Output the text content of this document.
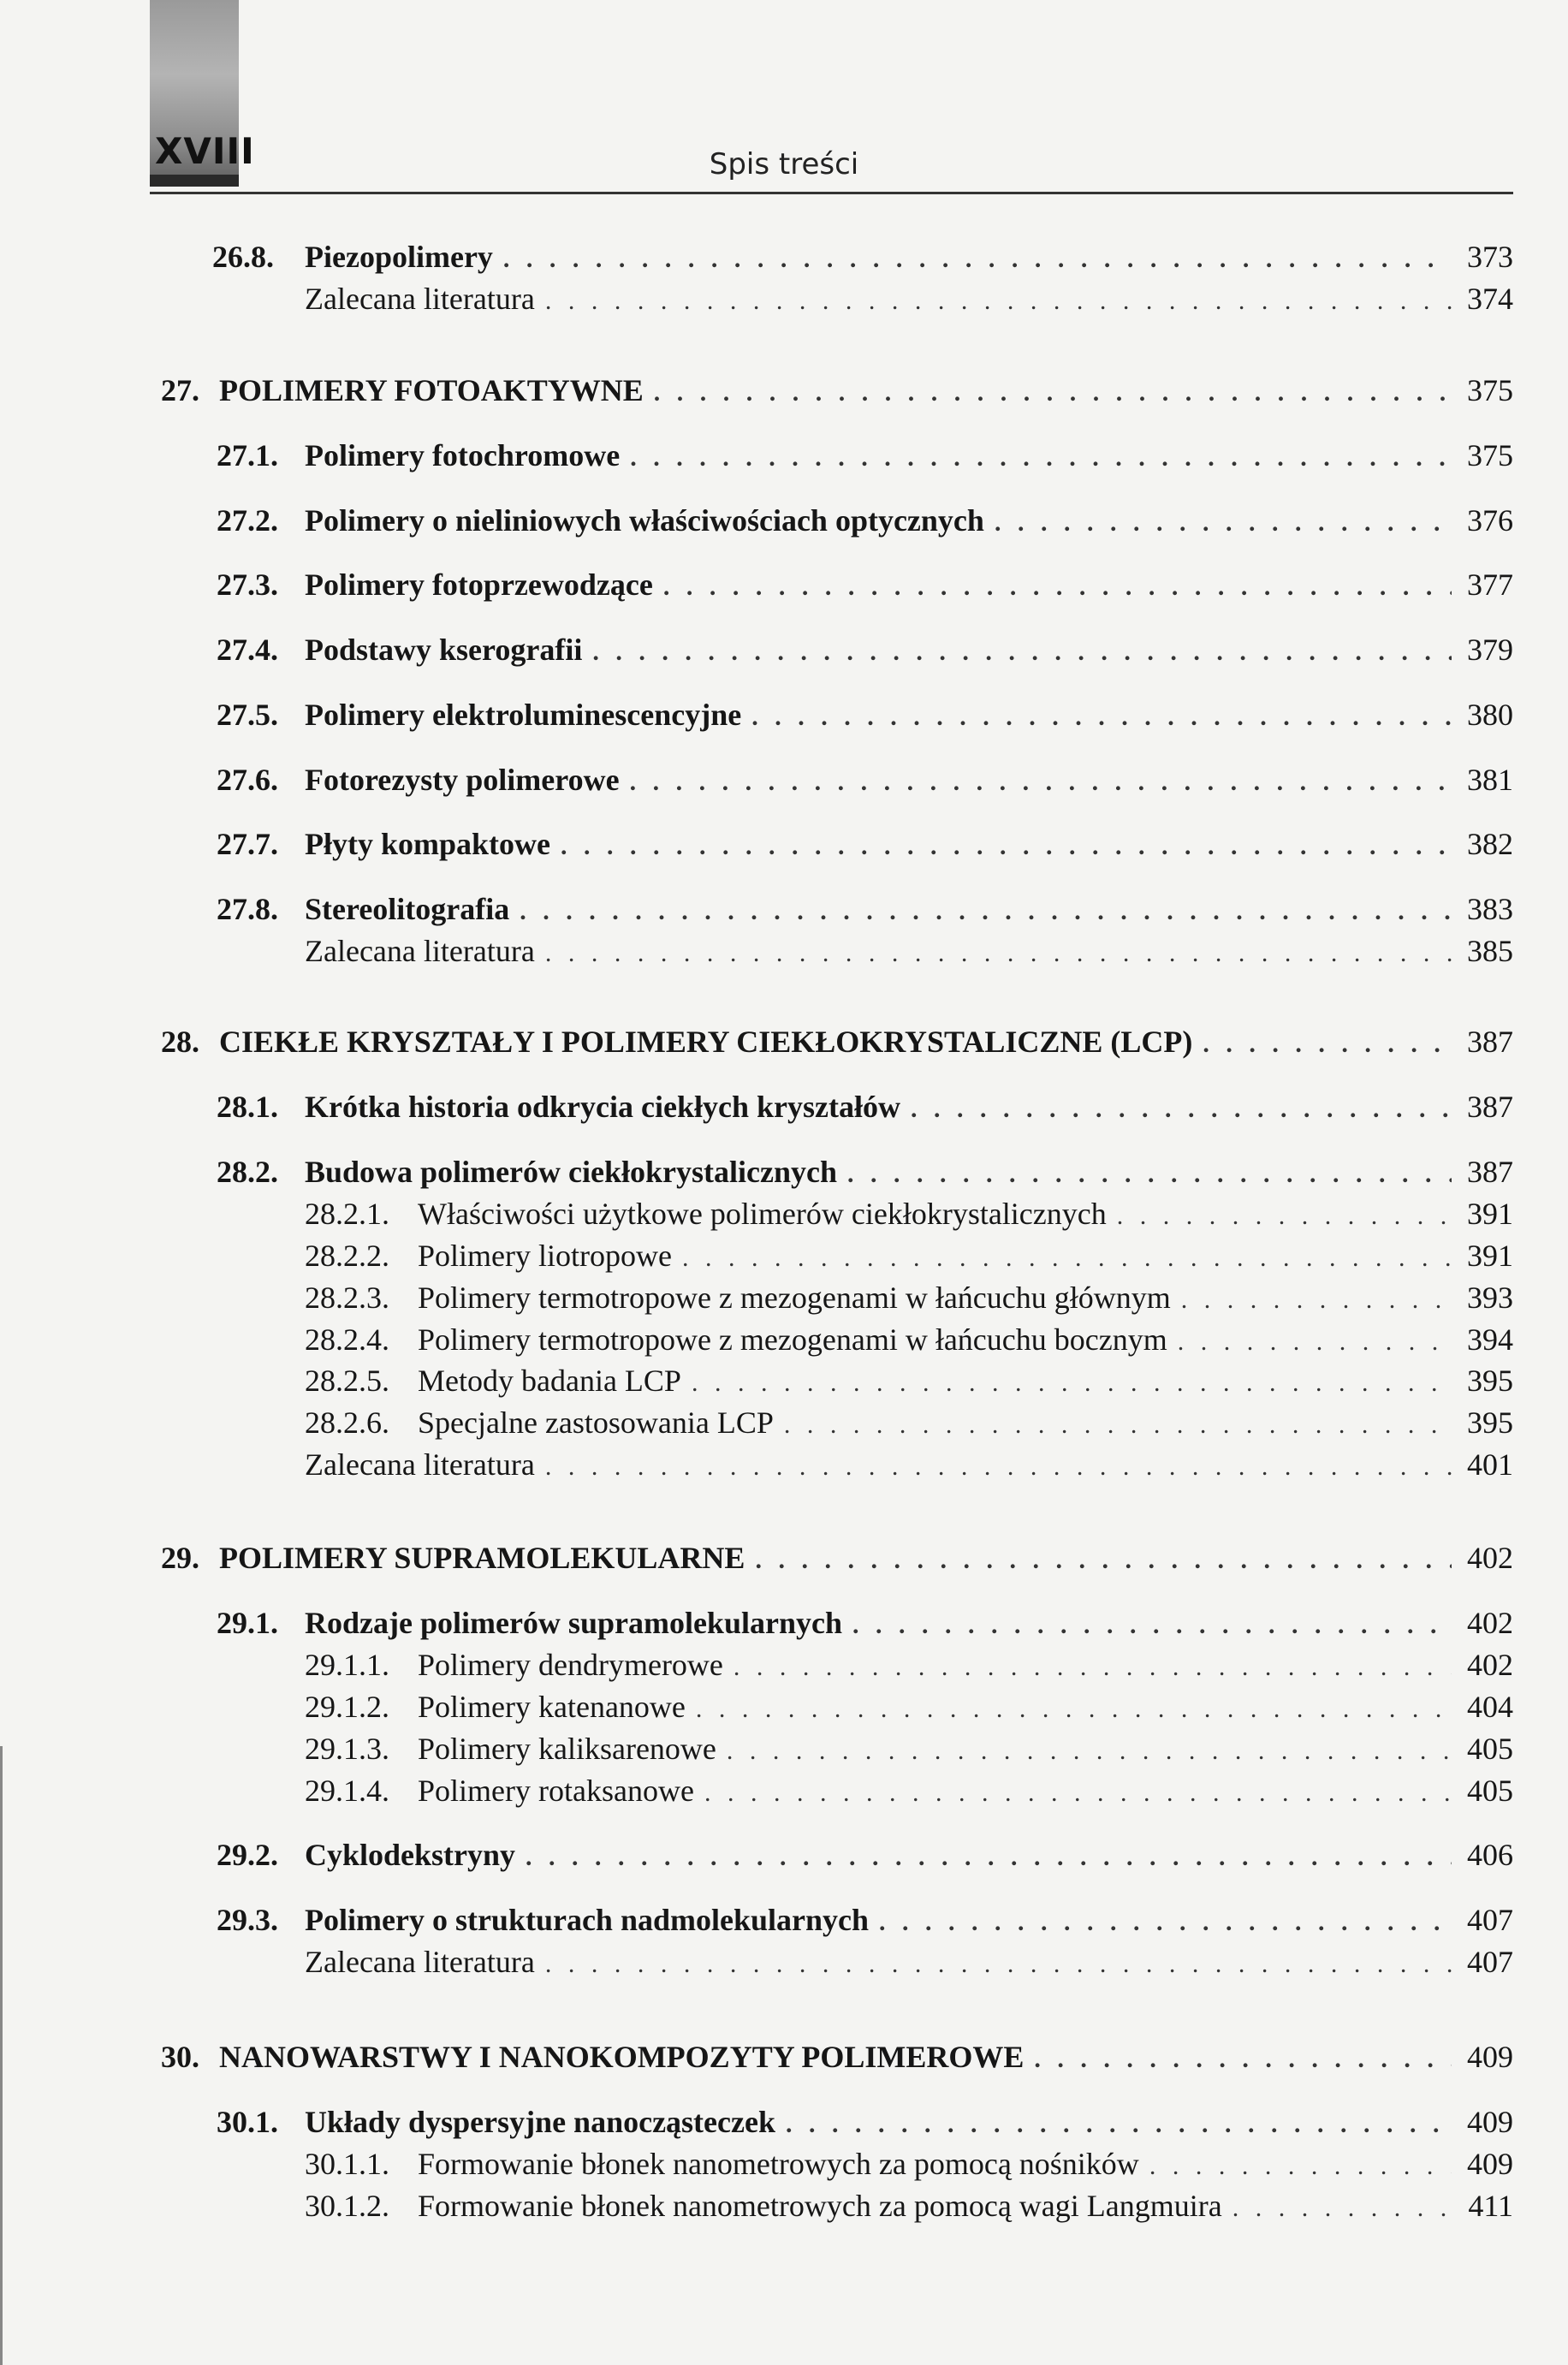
XVIII	Spis treści
26.8.	Piezopolimery . . .	373
Zalecana literatura . . .	374
27. POLIMERY FOTOAKTYWNE . . .	375
27.1. Polimery fotochromowe . . .	375
27.2. Polimery o nieliniowych właściwościach optycznych . . .	376
27.3. Polimery fotoprzewodzące . . .	377
27.4. Podstawy kserografii . . .	379
27.5. Polimery elektroluminescencyjne . . .	380
27.6. Fotorezysty polimerowe . . .	381
27.7. Płyty kompaktowe . . .	382
27.8. Stereolitografia . . .	383
Zalecana literatura . . .	385
28. CIEKŁE KRYSZTAŁY I POLIMERY CIEKŁOKRYSTALICZNE (LCP) . . .	387
28.1. Krótka historia odkrycia ciekłych kryształów . . .	387
28.2. Budowa polimerów ciekłokrystalicznych . . .	387
28.2.1. Właściwości użytkowe polimerów ciekłokrystalicznych . . .	391
28.2.2. Polimery liotropowe . . .	391
28.2.3. Polimery termotropowe z mezogenami w łańcuchu głównym . . .	393
28.2.4. Polimery termotropowe z mezogenami w łańcuchu bocznym . . .	394
28.2.5. Metody badania LCP . . .	395
28.2.6. Specjalne zastosowania LCP . . .	395
Zalecana literatura . . .	401
29. POLIMERY SUPRAMOLEKULARNE . . .	402
29.1. Rodzaje polimerów supramolekularnych . . .	402
29.1.1. Polimery dendrymerowe . . .	402
29.1.2. Polimery katenanowe . . .	404
29.1.3. Polimery kaliksarenowe . . .	405
29.1.4. Polimery rotaksanowe . . .	405
29.2. Cyklodekstryny . . .	406
29.3. Polimery o strukturach nadmolekularnych . . .	407
Zalecana literatura . . .	407
30. NANOWARSTWY I NANOKOMPOZYTY POLIMEROWE . . .	409
30.1. Układy dyspersyjne nanocząsteczek . . .	409
30.1.1. Formowanie błonek nanometrowych za pomocą nośników . . .	409
30.1.2. Formowanie błonek nanometrowych za pomocą wagi Langmuira . . .	411
